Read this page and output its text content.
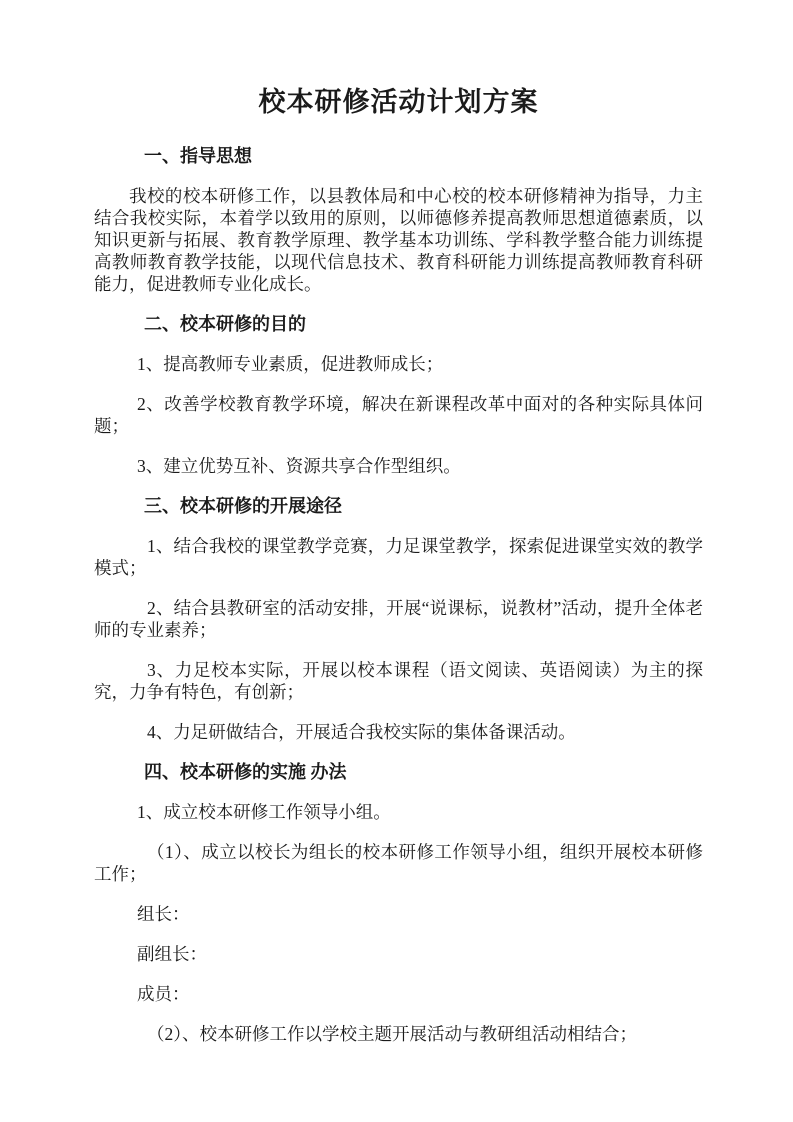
校本研修活动计划方案
一、指导思想

我校的校本研修工作，以县教体局和中心校的校本研修精神为指导，力主结合我校实际，本着学以致用的原则，以师德修养提高教师思想道德素质，以知识更新与拓展、教育教学原理、教学基本功训练、学科教学整合能力训练提高教师教育教学技能，以现代信息技术、教育科研能力训练提高教师教育科研能力，促进教师专业化成长。

二、校本研修的目的

1、提高教师专业素质，促进教师成长；

2、改善学校教育教学环境，解决在新课程改革中面对的各种实际具体问题；

3、建立优势互补、资源共享合作型组织。

三、校本研修的开展途径

1、结合我校的课堂教学竞赛，力足课堂教学，探索促进课堂实效的教学模式；

2、结合县教研室的活动安排，开展“说课标，说教材”活动，提升全体老师的专业素养；

3、力足校本实际，开展以校本课程（语文阅读、英语阅读）为主的探究，力争有特色，有创新；

4、力足研做结合，开展适合我校实际的集体备课活动。

四、校本研修的实施 办法

1、成立校本研修工作领导小组。

（1）、成立以校长为组长的校本研修工作领导小组，组织开展校本研修工作；

组长：

副组长：

成员：

（2）、校本研修工作以学校主题开展活动与教研组活动相结合；
